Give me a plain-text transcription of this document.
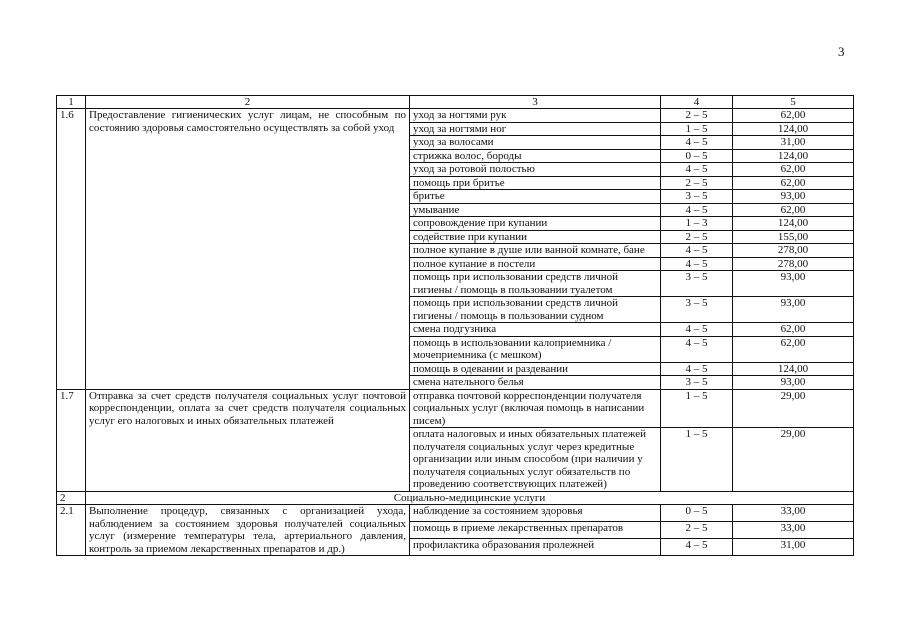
3
1	2	3	4	5
1.6	Предоставление гигиенических услуг лицам, не способным по состоянию здоровья самостоятельно осуществлять за собой уход	уход за ногтями рук	2 – 5	62,00
		уход за ногтями ног	1 – 5	124,00
		уход за волосами	4 – 5	31,00
		стрижка волос, бороды	0 – 5	124,00
		уход за ротовой полостью	4 – 5	62,00
		помощь при бритье	2 – 5	62,00
		бритье	3 – 5	93,00
		умывание	4 – 5	62,00
		сопровождение при купании	1 – 3	124,00
		содействие при купании	2 – 5	155,00
		полное купание в душе или ванной комнате, бане	4 – 5	278,00
		полное купание в постели	4 – 5	278,00
		помощь при использовании средств личной гигиены / помощь в пользовании туалетом	3 – 5	93,00
		помощь при использовании средств личной гигиены / помощь в пользовании судном	3 – 5	93,00
		смена подгузника	4 – 5	62,00
		помощь в использовании калоприемника / мочеприемника (с мешком)	4 – 5	62,00
		помощь в одевании и раздевании	4 – 5	124,00
		смена нательного белья	3 – 5	93,00
1.7	Отправка за счет средств получателя социальных услуг почтовой корреспонденции, оплата за счет средств получателя социальных услуг его налоговых и иных обязательных платежей	отправка почтовой корреспонденции получателя социальных услуг (включая помощь в написании писем)	1 – 5	29,00
		оплата налоговых и иных обязательных платежей получателя социальных услуг через кредитные организации или иным способом (при наличии у получателя социальных услуг обязательств по проведению соответствующих платежей)	1 – 5	29,00
2	Социально-медицинские услуги			
2.1	Выполнение процедур, связанных с организацией ухода, наблюдением за состоянием здоровья получателей социальных услуг (измерение температуры тела, артериального давления, контроль за приемом лекарственных препаратов и др.)	наблюдение за состоянием здоровья	0 – 5	33,00
		помощь в приеме лекарственных препаратов	2 – 5	33,00
		профилактика образования пролежней	4 – 5	31,00
